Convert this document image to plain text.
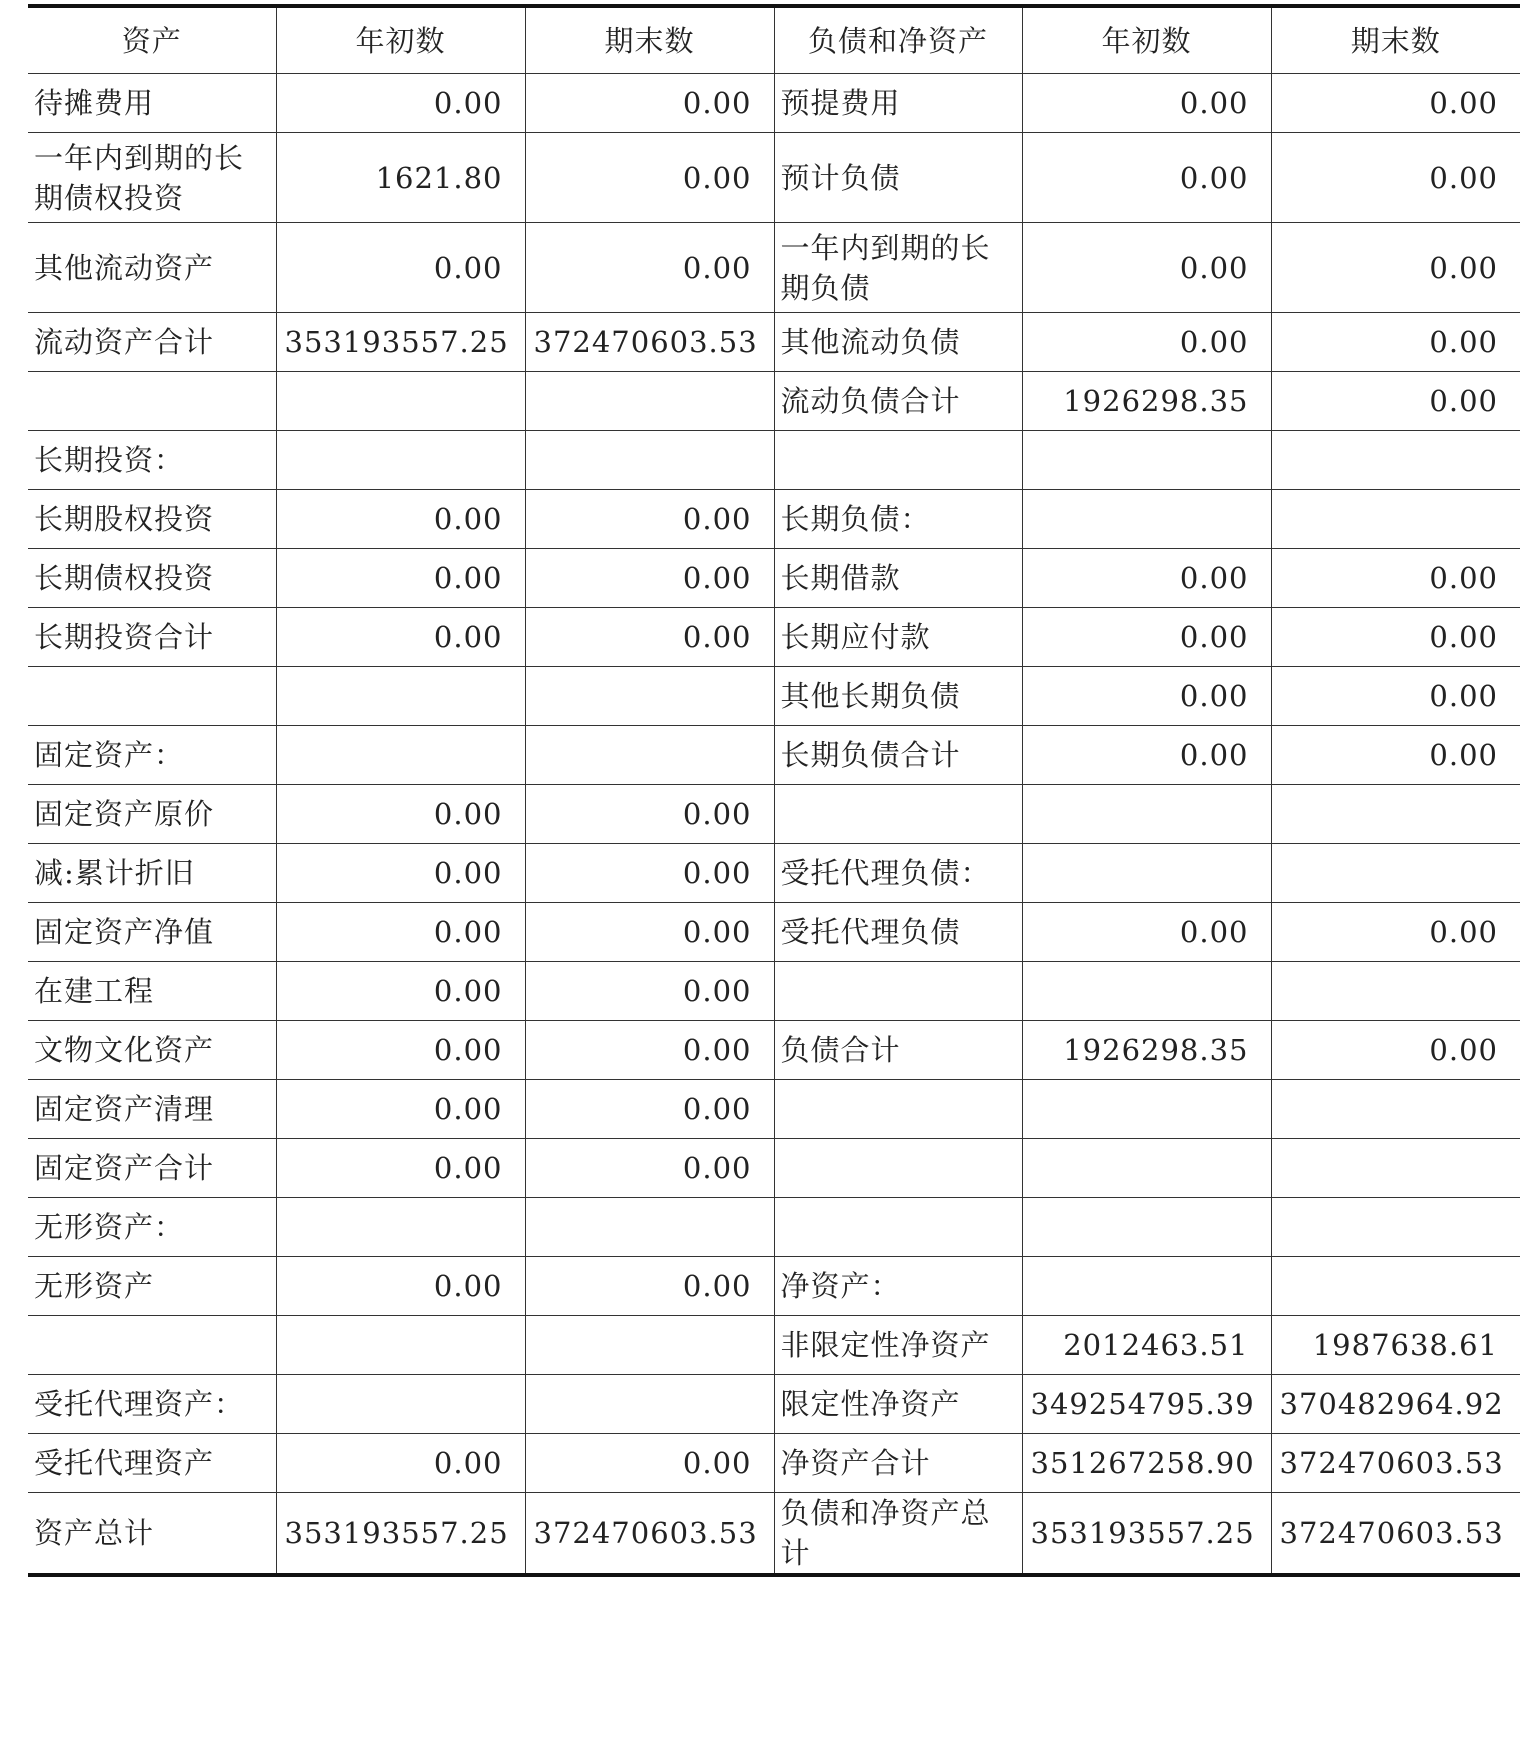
资产	年初数	期末数	负债和净资产	年初数	期末数
待摊费用	0.00	0.00	预提费用	0.00	0.00
一年内到期的长期债权投资	1621.80	0.00	预计负债	0.00	0.00
其他流动资产	0.00	0.00	一年内到期的长期负债	0.00	0.00
流动资产合计	353193557.25	372470603.53	其他流动负债	0.00	0.00
			流动负债合计	1926298.35	0.00
长期投资：					
长期股权投资	0.00	0.00	长期负债：		
长期债权投资	0.00	0.00	长期借款	0.00	0.00
长期投资合计	0.00	0.00	长期应付款	0.00	0.00
			其他长期负债	0.00	0.00
固定资产：			长期负债合计	0.00	0.00
固定资产原价	0.00	0.00			
减:累计折旧	0.00	0.00	受托代理负债：		
固定资产净值	0.00	0.00	受托代理负债	0.00	0.00
在建工程	0.00	0.00			
文物文化资产	0.00	0.00	负债合计	1926298.35	0.00
固定资产清理	0.00	0.00			
固定资产合计	0.00	0.00			
无形资产：					
无形资产	0.00	0.00	净资产：		
			非限定性净资产	2012463.51	1987638.61
受托代理资产：			限定性净资产	349254795.39	370482964.92
受托代理资产	0.00	0.00	净资产合计	351267258.90	372470603.53
资产总计	353193557.25	372470603.53	负债和净资产总计	353193557.25	372470603.53
